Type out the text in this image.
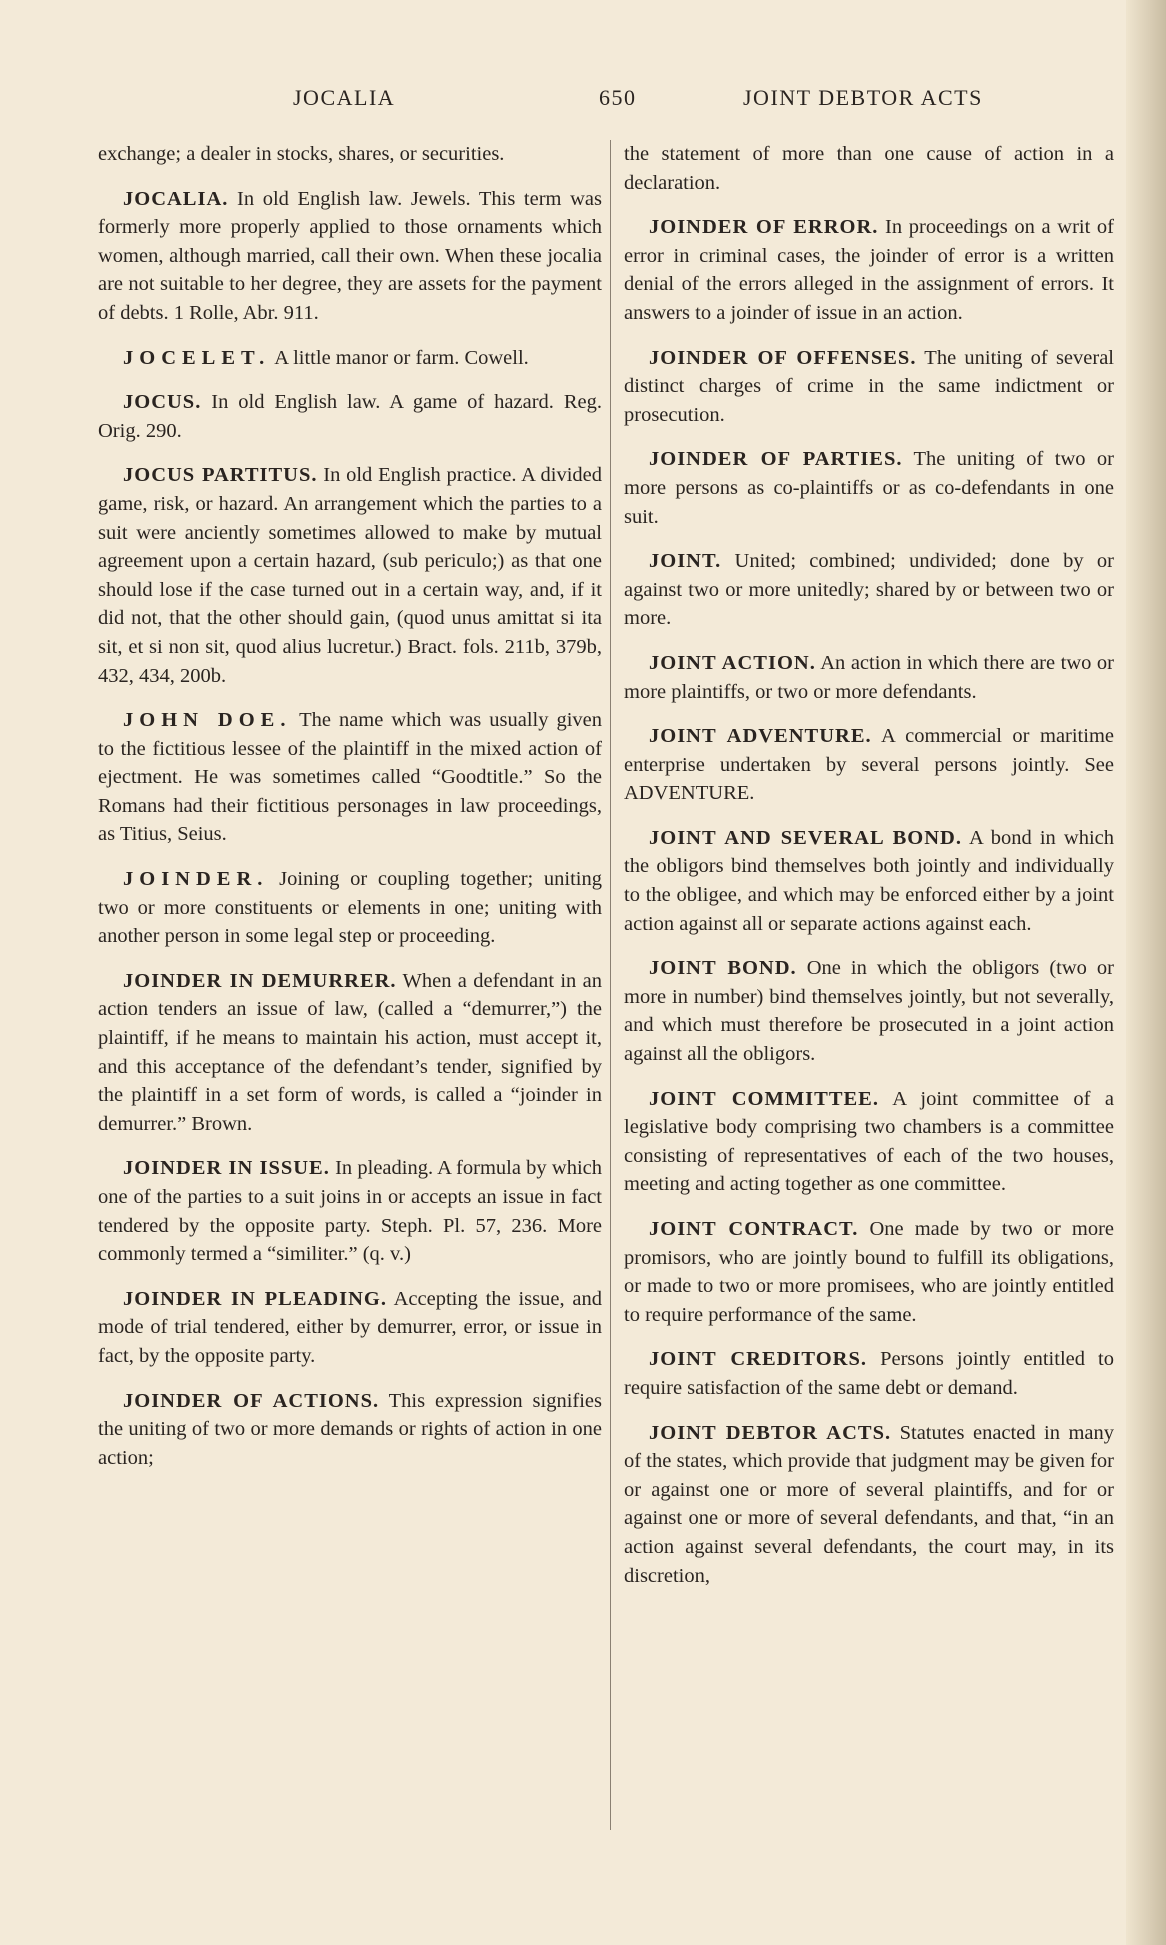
JOCALIA	650	JOINT DEBTOR ACTS

exchange; a dealer in stocks, shares, or securities.

JOCALIA. In old English law. Jewels. This term was formerly more properly applied to those ornaments which women, although married, call their own. When these jocalia are not suitable to her degree, they are assets for the payment of debts. 1 Rolle, Abr. 911.

JOCELET. A little manor or farm. Cowell.

JOCUS. In old English law. A game of hazard. Reg. Orig. 290.

JOCUS PARTITUS. In old English practice. A divided game, risk, or hazard. An arrangement which the parties to a suit were anciently sometimes allowed to make by mutual agreement upon a certain hazard, (sub periculo;) as that one should lose if the case turned out in a certain way, and, if it did not, that the other should gain, (quod unus amittat si ita sit, et si non sit, quod alius lucretur.) Bract. fols. 211b, 379b, 432, 434, 200b.

JOHN DOE. The name which was usually given to the fictitious lessee of the plaintiff in the mixed action of ejectment. He was sometimes called “Goodtitle.” So the Romans had their fictitious personages in law proceedings, as Titius, Seius.

JOINDER. Joining or coupling together; uniting two or more constituents or elements in one; uniting with another person in some legal step or proceeding.

JOINDER IN DEMURRER. When a defendant in an action tenders an issue of law, (called a “demurrer,”) the plaintiff, if he means to maintain his action, must accept it, and this acceptance of the defendant’s tender, signified by the plaintiff in a set form of words, is called a “joinder in demurrer.” Brown.

JOINDER IN ISSUE. In pleading. A formula by which one of the parties to a suit joins in or accepts an issue in fact tendered by the opposite party. Steph. Pl. 57, 236. More commonly termed a “similiter.” (q. v.)

JOINDER IN PLEADING. Accepting the issue, and mode of trial tendered, either by demurrer, error, or issue in fact, by the opposite party.

JOINDER OF ACTIONS. This expression signifies the uniting of two or more demands or rights of action in one action;

the statement of more than one cause of action in a declaration.

JOINDER OF ERROR. In proceedings on a writ of error in criminal cases, the joinder of error is a written denial of the errors alleged in the assignment of errors. It answers to a joinder of issue in an action.

JOINDER OF OFFENSES. The uniting of several distinct charges of crime in the same indictment or prosecution.

JOINDER OF PARTIES. The uniting of two or more persons as co-plaintiffs or as co-defendants in one suit.

JOINT. United; combined; undivided; done by or against two or more unitedly; shared by or between two or more.

JOINT ACTION. An action in which there are two or more plaintiffs, or two or more defendants.

JOINT ADVENTURE. A commercial or maritime enterprise undertaken by several persons jointly. See ADVENTURE.

JOINT AND SEVERAL BOND. A bond in which the obligors bind themselves both jointly and individually to the obligee, and which may be enforced either by a joint action against all or separate actions against each.

JOINT BOND. One in which the obligors (two or more in number) bind themselves jointly, but not severally, and which must therefore be prosecuted in a joint action against all the obligors.

JOINT COMMITTEE. A joint committee of a legislative body comprising two chambers is a committee consisting of representatives of each of the two houses, meeting and acting together as one committee.

JOINT CONTRACT. One made by two or more promisors, who are jointly bound to fulfill its obligations, or made to two or more promisees, who are jointly entitled to require performance of the same.

JOINT CREDITORS. Persons jointly entitled to require satisfaction of the same debt or demand.

JOINT DEBTOR ACTS. Statutes enacted in many of the states, which provide that judgment may be given for or against one or more of several plaintiffs, and for or against one or more of several defendants, and that, “in an action against several defendants, the court may, in its discretion,
